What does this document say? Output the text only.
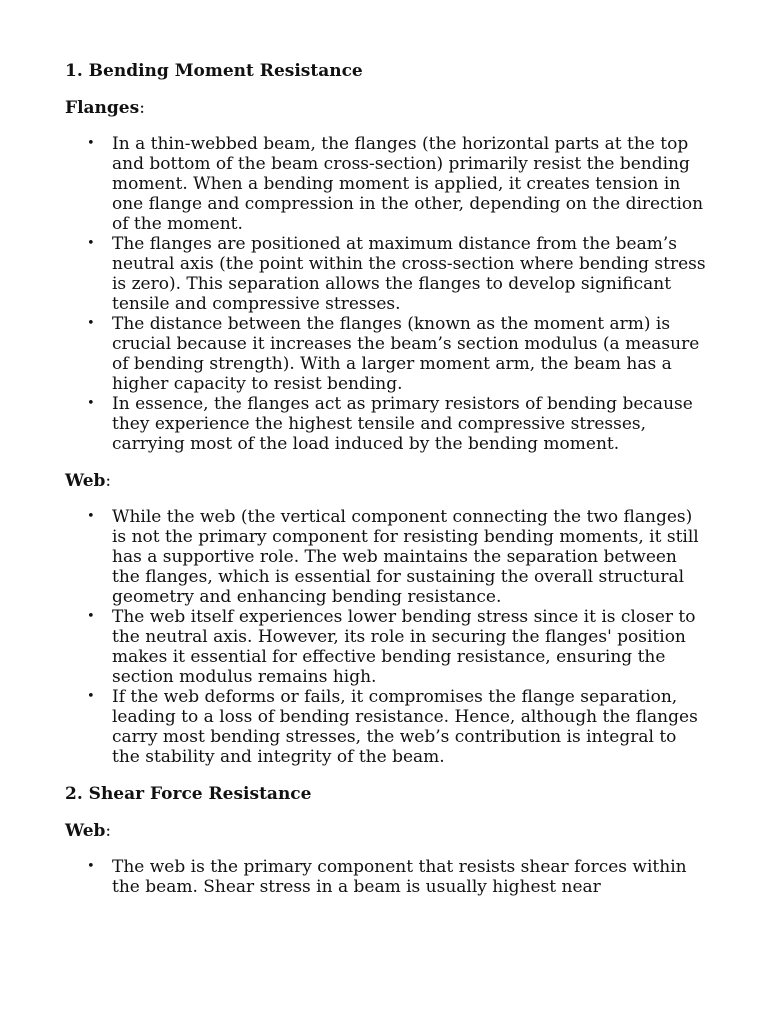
1. Bending Moment Resistance
Flanges:
• In a thin-webbed beam, the flanges (the horizontal parts at the top and bottom of the beam cross-section) primarily resist the bending moment. When a bending moment is applied, it creates tension in one flange and compression in the other, depending on the direction of the moment.
• The flanges are positioned at maximum distance from the beam’s neutral axis (the point within the cross-section where bending stress is zero). This separation allows the flanges to develop significant tensile and compressive stresses.
• The distance between the flanges (known as the moment arm) is crucial because it increases the beam’s section modulus (a measure of bending strength). With a larger moment arm, the beam has a higher capacity to resist bending.
• In essence, the flanges act as primary resistors of bending because they experience the highest tensile and compressive stresses, carrying most of the load induced by the bending moment.
Web:
• While the web (the vertical component connecting the two flanges) is not the primary component for resisting bending moments, it still has a supportive role. The web maintains the separation between the flanges, which is essential for sustaining the overall structural geometry and enhancing bending resistance.
• The web itself experiences lower bending stress since it is closer to the neutral axis. However, its role in securing the flanges' position makes it essential for effective bending resistance, ensuring the section modulus remains high.
• If the web deforms or fails, it compromises the flange separation, leading to a loss of bending resistance. Hence, although the flanges carry most bending stresses, the web’s contribution is integral to the stability and integrity of the beam.
2. Shear Force Resistance
Web:
• The web is the primary component that resists shear forces within the beam. Shear stress in a beam is usually highest near
